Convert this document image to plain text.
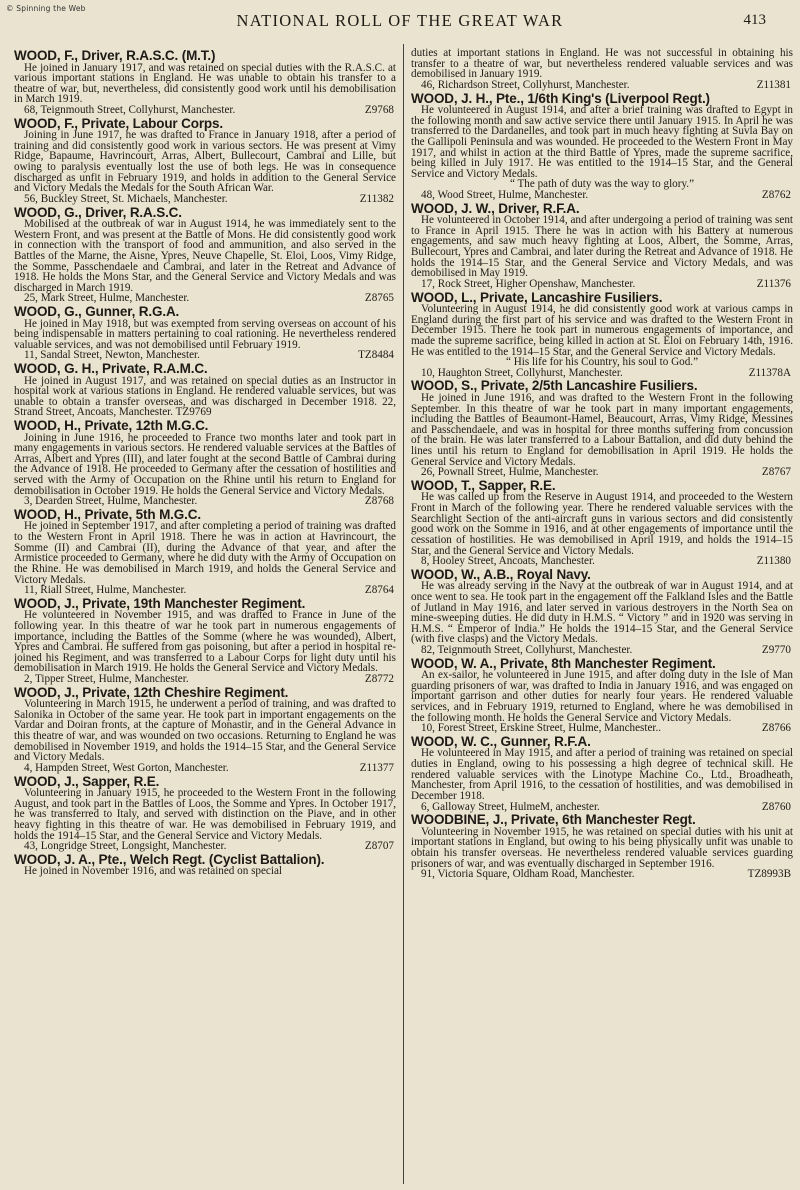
© Spinning the Web
NATIONAL ROLL OF THE GREAT WAR	413
WOOD, F., Driver, R.A.S.C. (M.T.)
He joined in January 1917, and was retained on special duties with the R.A.S.C. at various important stations in England. He was unable to obtain his transfer to a theatre of war, but, nevertheless, did consistently good work until his demobilisation in March 1919.
68, Teignmouth Street, Collyhurst, Manchester.	Z9768
WOOD, F., Private, Labour Corps.
Joining in June 1917, he was drafted to France in January 1918, after a period of training and did consistently good work in various sectors. He was present at Vimy Ridge, Bapaume, Havrincourt, Arras, Albert, Bullecourt, Cambrai and Lille, but owing to paralysis eventually lost the use of both legs. He was in consequence discharged as unfit in February 1919, and holds in addition to the General Service and Victory Medals the Medals for the South African War.
56, Buckley Street, St. Michaels, Manchester.	Z11382
WOOD, G., Driver, R.A.S.C.
Mobilised at the outbreak of war in August 1914, he was immediately sent to the Western Front, and was present at the Battle of Mons. He did consistently good work in connection with the transport of food and ammunition, and also served in the Battles of the Marne, the Aisne, Ypres, Neuve Chapelle, St. Eloi, Loos, Vimy Ridge, the Somme, Passchendaele and Cambrai, and later in the Retreat and Advance of 1918. He holds the Mons Star, and the General Service and Victory Medals and was discharged in March 1919.
25, Mark Street, Hulme, Manchester.	Z8765
WOOD, G., Gunner, R.G.A.
He joined in May 1918, but was exempted from serving overseas on account of his being indispensable in matters pertaining to coal rationing. He nevertheless rendered valuable services, and was not demobilised until February 1919.
11, Sandal Street, Newton, Manchester.	TZ8484
WOOD, G. H., Private, R.A.M.C.
He joined in August 1917, and was retained on special duties as an Instructor in hospital work at various stations in England. He rendered valuable services, but was unable to obtain a transfer overseas, and was discharged in December 1918. 22, Strand Street, Ancoats, Manchester. TZ9769
WOOD, H., Private, 12th M.G.C.
Joining in June 1916, he proceeded to France two months later and took part in many engagements in various sectors. He rendered valuable services at the Battles of Arras, Albert and Ypres (III), and later fought at the second Battle of Cambrai during the Advance of 1918. He proceeded to Germany after the cessation of hostilities and served with the Army of Occupation on the Rhine until his return to England for demobilisation in October 1919. He holds the General Service and Victory Medals.
3, Dearden Street, Hulme, Manchester.	Z8768
WOOD, H., Private, 5th M.G.C.
He joined in September 1917, and after completing a period of training was drafted to the Western Front in April 1918. There he was in action at Havrincourt, the Somme (II) and Cambrai (II), during the Advance of that year, and after the Armistice proceeded to Germany, where he did duty with the Army of Occupation on the Rhine. He was demobilised in March 1919, and holds the General Service and Victory Medals.
11, Riall Street, Hulme, Manchester.	Z8764
WOOD, J., Private, 19th Manchester Regiment.
He volunteered in November 1915, and was drafted to France in June of the following year. In this theatre of war he took part in numerous engagements of importance, including the Battles of the Somme (where he was wounded), Albert, Ypres and Cambrai. He suffered from gas poisoning, but after a period in hospital re-joined his Regiment, and was transferred to a Labour Corps for light duty until his demobilisation in March 1919. He holds the General Service and Victory Medals.
2, Tipper Street, Hulme, Manchester.	Z8772
WOOD, J., Private, 12th Cheshire Regiment.
Volunteering in March 1915, he underwent a period of training, and was drafted to Salonika in October of the same year. He took part in important engagements on the Vardar and Doiran fronts, at the capture of Monastir, and in the General Advance in this theatre of war, and was wounded on two occasions. Returning to England he was demobilised in November 1919, and holds the 1914–15 Star, and the General Service and Victory Medals.
4, Hampden Street, West Gorton, Manchester.	Z11377
WOOD, J., Sapper, R.E.
Volunteering in January 1915, he proceeded to the Western Front in the following August, and took part in the Battles of Loos, the Somme and Ypres. In October 1917, he was transferred to Italy, and served with distinction on the Piave, and in other heavy fighting in this theatre of war. He was demobilised in February 1919, and holds the 1914–15 Star, and the General Service and Victory Medals.
43, Longridge Street, Longsight, Manchester.	Z8707
WOOD, J. A., Pte., Welch Regt. (Cyclist Battalion).
He joined in November 1916, and was retained on special
duties at important stations in England. He was not successful in obtaining his transfer to a theatre of war, but nevertheless rendered valuable services and was demobilised in January 1919.
46, Richardson Street, Collyhurst, Manchester.	Z11381
WOOD, J. H., Pte., 1/6th King's (Liverpool Regt.)
He volunteered in August 1914, and after a brief training was drafted to Egypt in the following month and saw active service there until January 1915. In April he was transferred to the Dardanelles, and took part in much heavy fighting at Suvla Bay on the Gallipoli Peninsula and was wounded. He proceeded to the Western Front in May 1917, and whilst in action at the third Battle of Ypres, made the supreme sacrifice, being killed in July 1917. He was entitled to the 1914–15 Star, and the General Service and Victory Medals.
“ The path of duty was the way to glory.”
48, Wood Street, Hulme, Manchester.	Z8762
WOOD, J. W., Driver, R.F.A.
He volunteered in October 1914, and after undergoing a period of training was sent to France in April 1915. There he was in action with his Battery at numerous engagements, and saw much heavy fighting at Loos, Albert, the Somme, Arras, Bullecourt, Ypres and Cambrai, and later during the Retreat and Advance of 1918. He holds the 1914–15 Star, and the General Service and Victory Medals, and was demobilised in May 1919.
17, Rock Street, Higher Openshaw, Manchester.	Z11376
WOOD, L., Private, Lancashire Fusiliers.
Volunteering in August 1914, he did consistently good work at various camps in England during the first part of his service and was drafted to the Western Front in December 1915. There he took part in numerous engagements of importance, and made the supreme sacrifice, being killed in action at St. Eloi on February 14th, 1916. He was entitled to the 1914–15 Star, and the General Service and Victory Medals.
“ His life for his Country, his soul to God.”
10, Haughton Street, Collyhurst, Manchester.	Z11378A
WOOD, S., Private, 2/5th Lancashire Fusiliers.
He joined in June 1916, and was drafted to the Western Front in the following September. In this theatre of war he took part in many important engagements, including the Battles of Beaumont-Hamel, Beaucourt, Arras, Vimy Ridge, Messines and Passchendaele, and was in hospital for three months suffering from concussion of the brain. He was later transferred to a Labour Battalion, and did duty behind the lines until his return to England for demobilisation in April 1919. He holds the General Service and Victory Medals.
26, Pownall Street, Hulme, Manchester.	Z8767
WOOD, T., Sapper, R.E.
He was called up from the Reserve in August 1914, and proceeded to the Western Front in March of the following year. There he rendered valuable services with the Searchlight Section of the anti-aircraft guns in various sectors and did consistently good work on the Somme in 1916, and at other engagements of importance until the cessation of hostilities. He was demobilised in April 1919, and holds the 1914–15 Star, and the General Service and Victory Medals.
8, Hooley Street, Ancoats, Manchester.	Z11380
WOOD, W., A.B., Royal Navy.
He was already serving in the Navy at the outbreak of war in August 1914, and at once went to sea. He took part in the engagement off the Falkland Isles and the Battle of Jutland in May 1916, and later served in various destroyers in the North Sea on mine-sweeping duties. He did duty in H.M.S. “ Victory ” and in 1920 was serving in H.M.S. “ Emperor of India.” He holds the 1914–15 Star, and the General Service (with five clasps) and the Victory Medals.
82, Teignmouth Street, Collyhurst, Manchester.	Z9770
WOOD, W. A., Private, 8th Manchester Regiment.
An ex-sailor, he volunteered in June 1915, and after doing duty in the Isle of Man guarding prisoners of war, was drafted to India in January 1916, and was engaged on important garrison and other duties for nearly four years. He rendered valuable services, and in February 1919, returned to England, where he was demobilised in the following month. He holds the General Service and Victory Medals.
10, Forest Street, Erskine Street, Hulme, Manchester..	Z8766
WOOD, W. C., Gunner, R.F.A.
He volunteered in May 1915, and after a period of training was retained on special duties in England, owing to his possessing a high degree of technical skill. He rendered valuable services with the Linotype Machine Co., Ltd., Broadheath, Manchester, from April 1916, to the cessation of hostilities, and was demobilised in December 1918.
6, Galloway Street, HulmeM, anchester.	Z8760
WOODBINE, J., Private, 6th Manchester Regt.
Volunteering in November 1915, he was retained on special duties with his unit at important stations in England, but owing to his being physically unfit was unable to obtain his transfer overseas. He nevertheless rendered valuable services guarding prisoners of war, and was eventually discharged in September 1916.
91, Victoria Square, Oldham Road, Manchester.	TZ8993B
